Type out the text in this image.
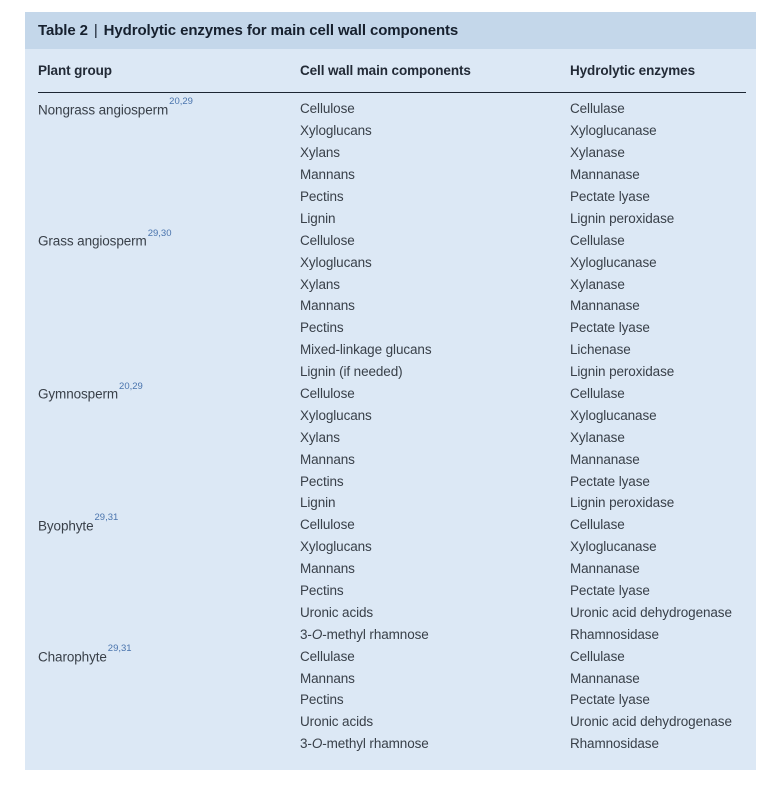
Table 2 | Hydrolytic enzymes for main cell wall components
Plant group	Cell wall main components	Hydrolytic enzymes
Nongrass angiosperm$^{20,29}$	Cellulose	Cellulase
Xyloglucans	Xyloglucanase
Xylans	Xylanase
Mannans	Mannanase
Pectins	Pectate lyase
Lignin	Lignin peroxidase
Grass angiosperm$^{29,30}$	Cellulose	Cellulase
Xyloglucans	Xyloglucanase
Xylans	Xylanase
Mannans	Mannanase
Pectins	Pectate lyase
Mixed-linkage glucans	Lichenase
Lignin (if needed)	Lignin peroxidase
Gymnosperm$^{20,29}$	Cellulose	Cellulase
Xyloglucans	Xyloglucanase
Xylans	Xylanase
Mannans	Mannanase
Pectins	Pectate lyase
Lignin	Lignin peroxidase
Byophyte$^{29,31}$	Cellulose	Cellulase
Xyloglucans	Xyloglucanase
Mannans	Mannanase
Pectins	Pectate lyase
Uronic acids	Uronic acid dehydrogenase
3-O-methyl rhamnose	Rhamnosidase
Charophyte$^{29,31}$	Cellulase	Cellulase
Mannans	Mannanase
Pectins	Pectate lyase
Uronic acids	Uronic acid dehydrogenase
3-O-methyl rhamnose	Rhamnosidase
